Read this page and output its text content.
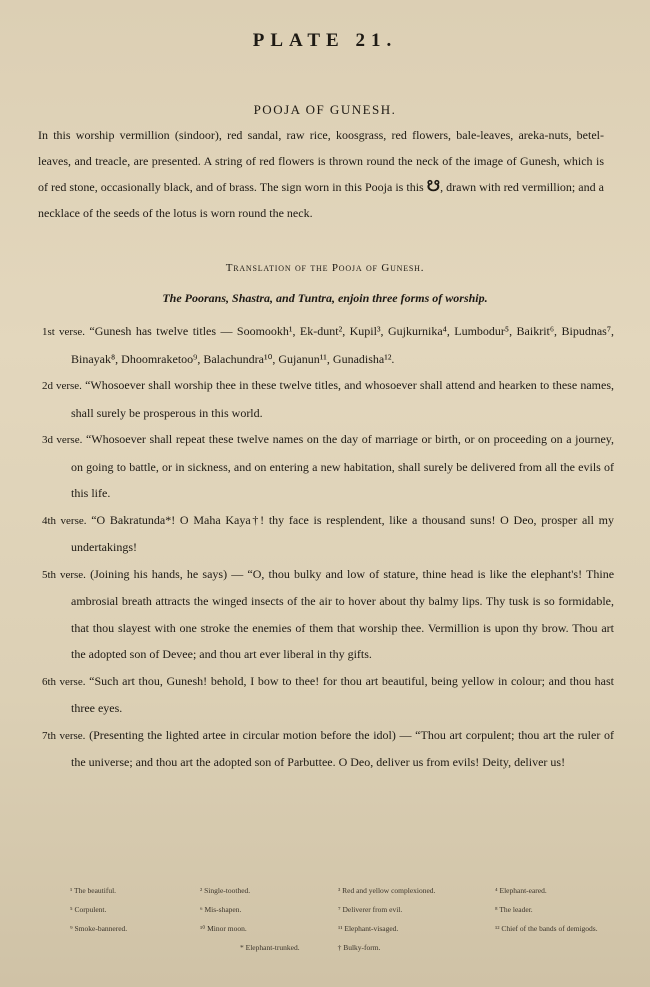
PLATE 21.
POOJA OF GUNESH.
In this worship vermillion (sindoor), red sandal, raw rice, koosgrass, red flowers, bale-leaves, areka-nuts, betel-leaves, and treacle, are presented. A string of red flowers is thrown round the neck of the image of Gunesh, which is of red stone, occasionally black, and of brass. The sign worn in this Pooja is this ☋, drawn with red vermillion; and a necklace of the seeds of the lotus is worn round the neck.
Translation of the Pooja of Gunesh.
The Poorans, Shastra, and Tuntra, enjoin three forms of worship.

1st verse. “Gunesh has twelve titles — Soomookh¹, Ek-dunt², Kupil³, Gujkurnika⁴, Lumbodur⁵, Baikrit⁶, Bipudnas⁷, Binayak⁸, Dhoomraketoo⁹, Balachundra¹⁰, Gujanun¹¹, Gunadisha¹².

2d verse. “Whosoever shall worship thee in these twelve titles, and whosoever shall attend and hearken to these names, shall surely be prosperous in this world.

3d verse. “Whosoever shall repeat these twelve names on the day of marriage or birth, or on proceeding on a journey, on going to battle, or in sickness, and on entering a new habitation, shall surely be delivered from all the evils of this life.

4th verse. “O Bakratunda*! O Maha Kaya†! thy face is resplendent, like a thousand suns! O Deo, prosper all my undertakings!

5th verse. (Joining his hands, he says) — “O, thou bulky and low of stature, thine head is like the elephant's! Thine ambrosial breath attracts the winged insects of the air to hover about thy balmy lips. Thy tusk is so formidable, that thou slayest with one stroke the enemies of them that worship thee. Vermillion is upon thy brow. Thou art the adopted son of Devee; and thou art ever liberal in thy gifts.

6th verse. “Such art thou, Gunesh! behold, I bow to thee! for thou art beautiful, being yellow in colour; and thou hast three eyes.

7th verse. (Presenting the lighted artee in circular motion before the idol) — “Thou art corpulent; thou art the ruler of the universe; and thou art the adopted son of Parbuttee. O Deo, deliver us from evils! Deity, deliver us!

¹ The beautiful.	² Single-toothed.	³ Red and yellow complexioned.	⁴ Elephant-eared.
⁵ Corpulent.	⁶ Mis-shapen.	⁷ Deliverer from evil.	⁸ The leader.
⁹ Smoke-bannered.	¹⁰ Minor moon.	¹¹ Elephant-visaged.	¹² Chief of the bands of demigods.
* Elephant-trunked.	† Bulky-form.
